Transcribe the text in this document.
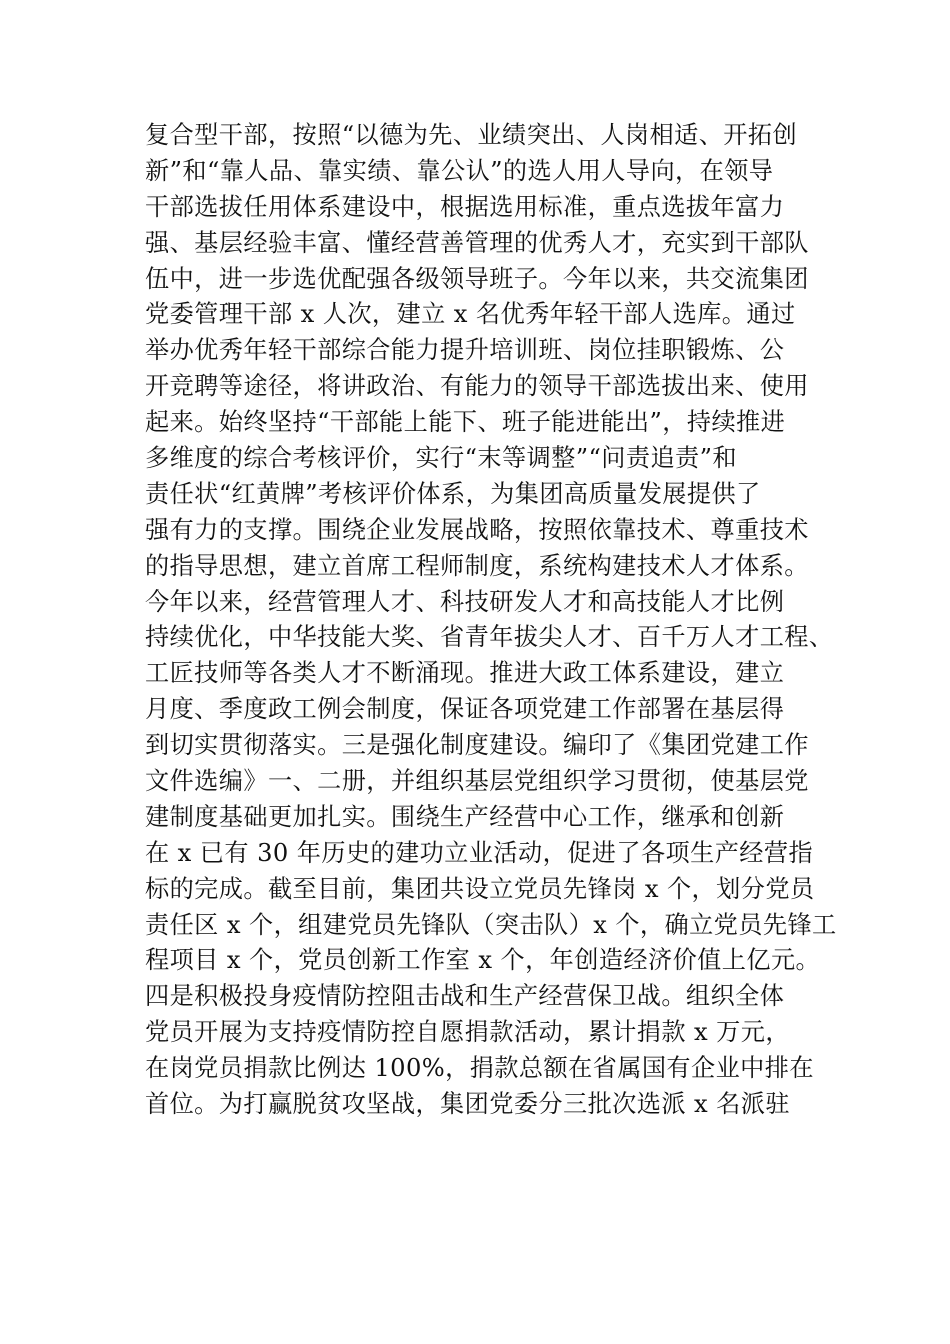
复合型干部，按照“以德为先、业绩突出、人岗相适、开拓创
新”和“靠人品、靠实绩、靠公认”的选人用人导向，在领导
干部选拔任用体系建设中，根据选用标准，重点选拔年富力
强、基层经验丰富、懂经营善管理的优秀人才，充实到干部队
伍中，进一步选优配强各级领导班子。今年以来，共交流集团
党委管理干部 x 人次，建立 x 名优秀年轻干部人选库。通过
举办优秀年轻干部综合能力提升培训班、岗位挂职锻炼、公
开竞聘等途径，将讲政治、有能力的领导干部选拔出来、使用
起来。始终坚持“干部能上能下、班子能进能出”，持续推进
多维度的综合考核评价，实行“末等调整”“问责追责”和
责任状“红黄牌”考核评价体系，为集团高质量发展提供了
强有力的支撑。围绕企业发展战略，按照依靠技术、尊重技术
的指导思想，建立首席工程师制度，系统构建技术人才体系。
今年以来，经营管理人才、科技研发人才和高技能人才比例
持续优化，中华技能大奖、省青年拔尖人才、百千万人才工程、
工匠技师等各类人才不断涌现。推进大政工体系建设，建立
月度、季度政工例会制度，保证各项党建工作部署在基层得
到切实贯彻落实。三是强化制度建设。编印了《集团党建工作
文件选编》一、二册，并组织基层党组织学习贯彻，使基层党
建制度基础更加扎实。围绕生产经营中心工作，继承和创新
在 x 已有 30 年历史的建功立业活动，促进了各项生产经营指
标的完成。截至目前，集团共设立党员先锋岗 x 个，划分党员
责任区 x 个，组建党员先锋队（突击队）x 个，确立党员先锋工
程项目 x 个，党员创新工作室 x 个，年创造经济价值上亿元。
四是积极投身疫情防控阻击战和生产经营保卫战。组织全体
党员开展为支持疫情防控自愿捐款活动，累计捐款 x 万元，
在岗党员捐款比例达 100%，捐款总额在省属国有企业中排在
首位。为打赢脱贫攻坚战，集团党委分三批次选派 x 名派驻
